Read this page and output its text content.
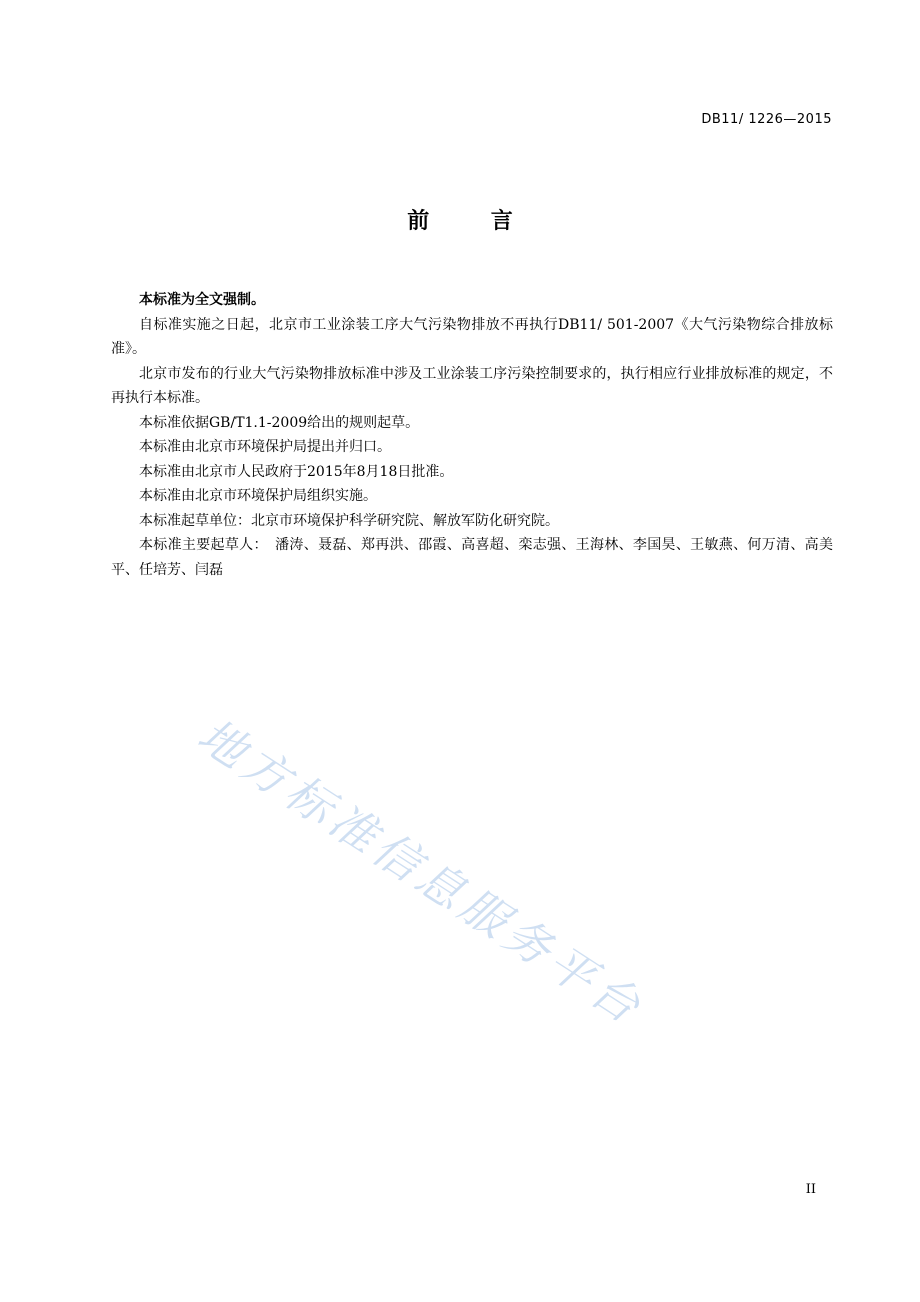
DB11/ 1226—2015
前　言

本标准为全文强制。

自标准实施之日起，北京市工业涂装工序大气污染物排放不再执行DB11/ 501-2007《大气污染物综合排放标准》。

北京市发布的行业大气污染物排放标准中涉及工业涂装工序污染控制要求的，执行相应行业排放标准的规定，不再执行本标准。

本标准依据GB/T1.1-2009给出的规则起草。

本标准由北京市环境保护局提出并归口。

本标准由北京市人民政府于2015年8月18日批准。

本标准由北京市环境保护局组织实施。

本标准起草单位：北京市环境保护科学研究院、解放军防化研究院。

本标准主要起草人：　潘涛、聂磊、郑再洪、邵霞、高喜超、栾志强、王海林、李国昊、王敏燕、何万清、高美平、任培芳、闫磊

地方标准信息服务平台
II
